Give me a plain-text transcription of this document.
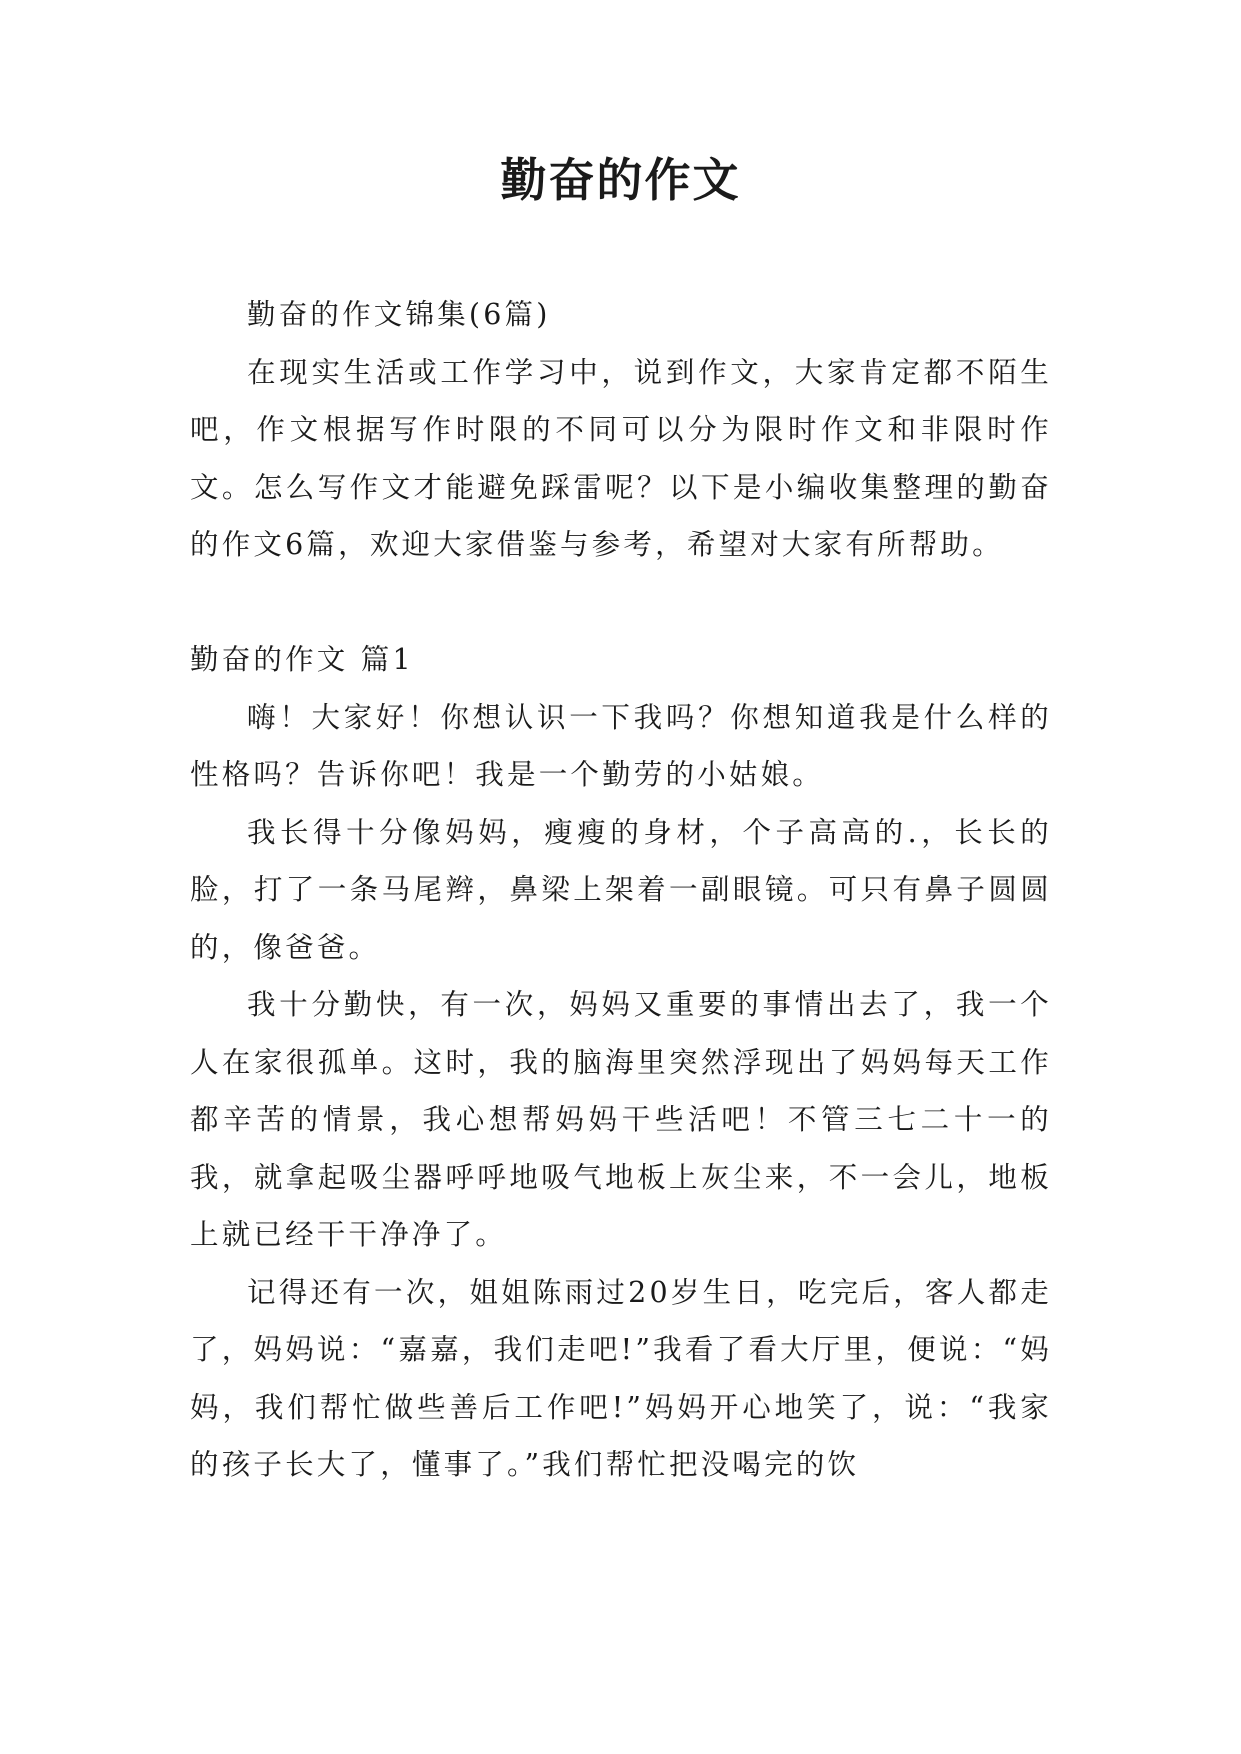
勤奋的作文

勤奋的作文锦集(6篇)

在现实生活或工作学习中，说到作文，大家肯定都不陌生吧，作文根据写作时限的不同可以分为限时作文和非限时作文。怎么写作文才能避免踩雷呢？以下是小编收集整理的勤奋的作文6篇，欢迎大家借鉴与参考，希望对大家有所帮助。

勤奋的作文 篇1

嗨！大家好！你想认识一下我吗？你想知道我是什么样的性格吗？告诉你吧！我是一个勤劳的小姑娘。

我长得十分像妈妈，瘦瘦的身材，个子高高的.，长长的脸，打了一条马尾辫，鼻梁上架着一副眼镜。可只有鼻子圆圆的，像爸爸。

我十分勤快，有一次，妈妈又重要的事情出去了，我一个人在家很孤单。这时，我的脑海里突然浮现出了妈妈每天工作都辛苦的情景，我心想帮妈妈干些活吧！不管三七二十一的我，就拿起吸尘器呼呼地吸气地板上灰尘来，不一会儿，地板上就已经干干净净了。

记得还有一次，姐姐陈雨过20岁生日，吃完后，客人都走了，妈妈说：“嘉嘉，我们走吧!”我看了看大厅里，便说：“妈妈，我们帮忙做些善后工作吧!”妈妈开心地笑了，说：“我家的孩子长大了，懂事了。”我们帮忙把没喝完的饮
